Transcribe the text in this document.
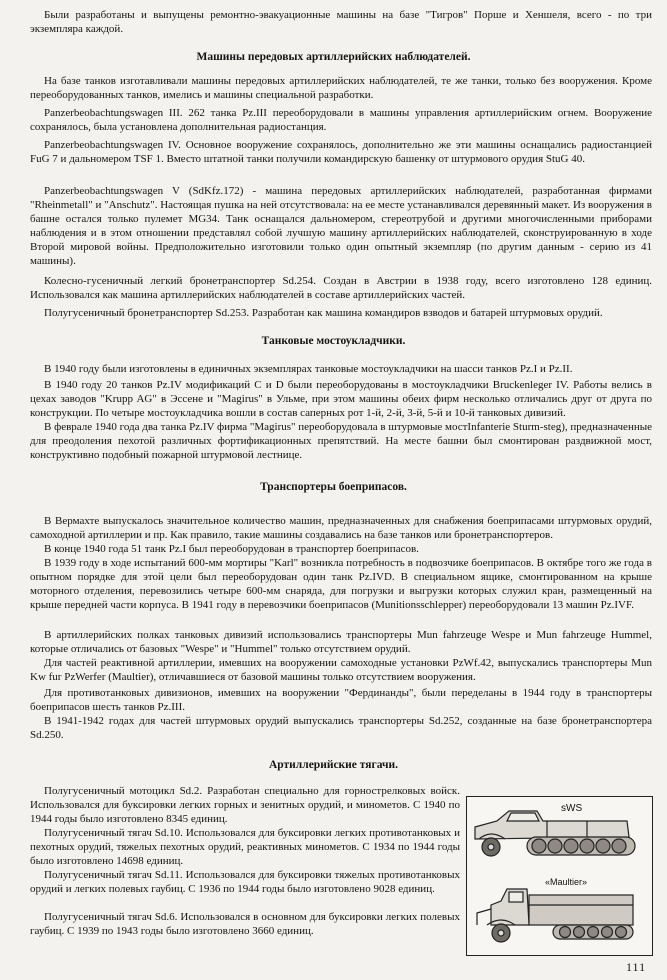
Были разработаны и выпущены ремонтно-эвакуационные машины на базе "Тигров" Порше и Хеншеля, всего - по три экземпляра каждой.

Машины передовых артиллерийских наблюдателей.

На базе танков изготавливали машины передовых артиллерийских наблюдателей, те же танки, только без вооружения. Кроме переоборудованных танков, имелись и машины специальной разработки.

Panzerbeobachtungswagen III. 262 танка Pz.III переоборудовали в машины управления артиллерийским огнем. Вооружение сохранялось, была установлена дополнительная радиостанция.

Panzerbeobachtungswagen IV. Основное вооружение сохранялось, дополнительно же эти машины оснащались радиостанцией FuG 7 и дальномером TSF 1. Вместо штатной танки получили командирскую башенку от штурмового орудия StuG 40.

Panzerbeobachtungswagen V (SdKfz.172) - машина передовых артиллерийских наблюдателей, разработанная фирмами "Rheinmetall" и "Anschutz". Настоящая пушка на ней отсутствовала: на ее месте устанавливался деревянный макет. Из вооружения в башне остался только пулемет MG34. Танк оснащался дальномером, стереотрубой и другими многочисленными приборами наблюдения и в этом отношении представлял собой лучшую машину артиллерийских наблюдателей, сконструированную в ходе Второй мировой войны. Предположительно изготовили только один опытный экземпляр (по другим данным - серию из 41 машины).

Колесно-гусеничный легкий бронетранспортер Sd.254. Создан в Австрии в 1938 году, всего изготовлено 128 единиц. Использовался как машина артиллерийских наблюдателей в составе артиллерийских частей.

Полугусеничный бронетранспортер Sd.253. Разработан как машина командиров взводов и батарей штурмовых орудий.

Танковые мостоукладчики.

В 1940 году были изготовлены в единичных экземплярах танковые мостоукладчики на шасси танков Pz.I и Pz.II.

В 1940 году 20 танков Pz.IV модификаций С и D были переоборудованы в мостоукладчики Bruckenleger IV. Работы велись в цехах заводов "Krupp AG" в Эссене и "Magirus" в Ульме, при этом машины обеих фирм несколько отличались друг от друга по конструкции. По четыре мостоукладчика вошли в состав саперных рот 1-й, 2-й, 3-й, 5-й и 10-й танковых дивизий.

В феврале 1940 года два танка Pz.IV фирма "Magirus" переоборудовала в штурмовые мостInfanterie Sturm-steg), предназначенные для преодоления пехотой различных фортификационных препятствий. На месте башни был смонтирован раздвижной мост, конструктивно подобный пожарной штурмовой лестнице.

Транспортеры боеприпасов.

В Вермахте выпускалось значительное количество машин, предназначенных для снабжения боеприпасами штурмовых орудий, самоходной артиллерии и пр. Как правило, такие машины создавались на базе танков или бронетранспортеров.

В конце 1940 года 51 танк Pz.I был переоборудован в транспортер боеприпасов.

В 1939 году в ходе испытаний 600-мм мортиры "Karl" возникла потребность в подвозчике боеприпасов. В октябре того же года в опытном порядке для этой цели был переоборудован один танк Pz.IVD. В специальном ящике, смонтированном на крыше моторного отделения, перевозились четыре 600-мм снаряда, для погрузки и выгрузки которых служил кран, размещенный на крыше передней части корпуса. В 1941 году в перевозчики боеприпасов (Munitionsschlepper) переоборудовали 13 машин Pz.IVF.

В артиллерийских полках танковых дивизий использовались транспортеры Mun fahrzeuge Wespe и Mun fahrzeuge Hummel, которые отличались от базовых "Wespe" и "Hummel" только отсутствием орудий.

Для частей реактивной артиллерии, имевших на вооружении самоходные установки PzWf.42, выпускались транспортеры Mun Kw fur PzWerfer (Maultier), отличавшиеся от базовой машины только отсутствием вооружения.

Для противотанковых дивизионов, имевших на вооружении "Фердинанды", были переделаны в 1944 году в транспортеры боеприпасов шесть танков Pz.III.

В 1941-1942 годах для частей штурмовых орудий выпускались транспортеры Sd.252, созданные на базе бронетранспортера Sd.250.

Артиллерийские тягачи.

Полугусеничный мотоцикл Sd.2. Разработан специально для горнострелковых войск. Использовался для буксировки легких горных и зенитных орудий, и минометов. С 1940 по 1944 годы было изготовлено 8345 единиц.

Полугусеничный тягач Sd.10. Использовался для буксировки легких противотанковых и пехотных орудий, тяжелых пехотных орудий, реактивных минометов. С 1934 по 1944 годы было изготовлено 14698 единиц.

Полугусеничный тягач Sd.11. Использовался для буксировки тяжелых противотанковых орудий и легких полевых гаубиц. С 1936 по 1944 годы было изготовлено 9028 единиц.

Полугусеничный тягач Sd.6. Использовался в основном для буксировки легких полевых гаубиц. С 1939 по 1943 годы было изготовлено 3660 единиц.

sWS
«Maultier»
111
